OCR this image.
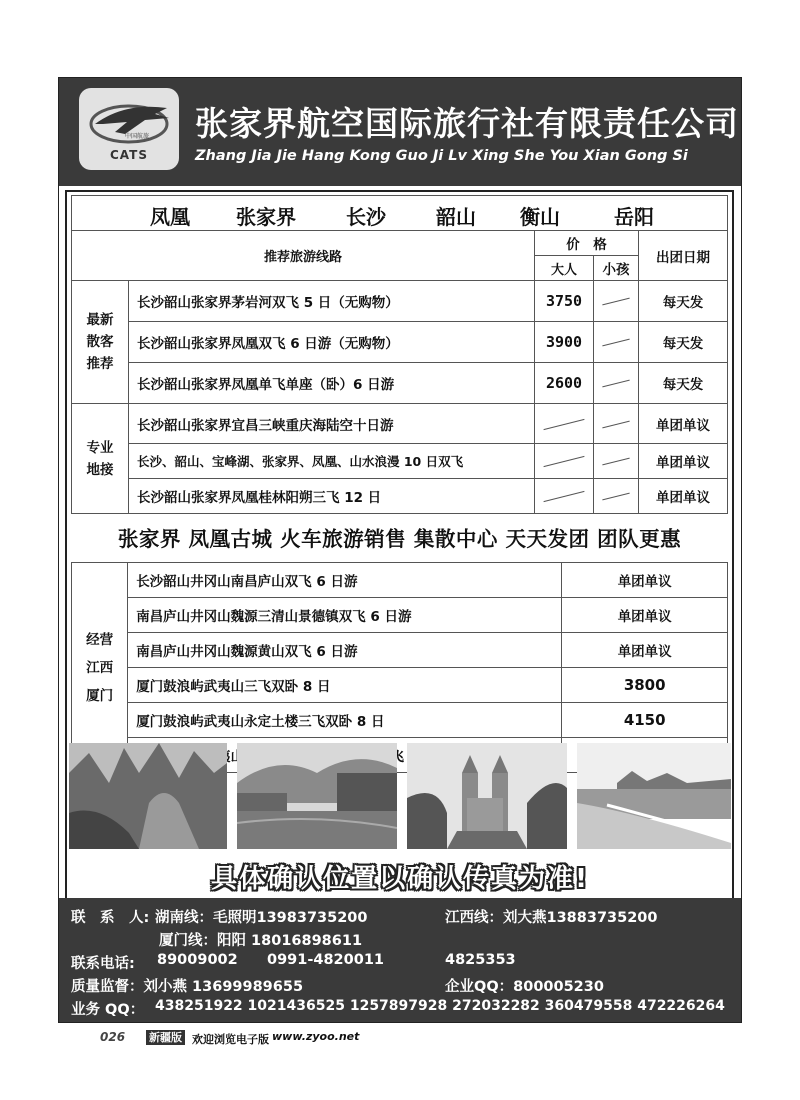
中国航旅
CATS
张家界航空国际旅行社有限责任公司
Zhang Jia Jie Hang Kong Guo Ji Lv Xing She You Xian Gong Si
凤凰 张家界	长沙	韶山 衡山	岳阳
推荐旅游线路		价　格		出团日期
		大人	小孩	
最新
散客
推荐	长沙韶山张家界茅岩河双飞 5 日（无购物）	3750		每天发
	长沙韶山张家界凤凰双飞 6 日游（无购物）	3900		每天发
	长沙韶山张家界凤凰单飞单座（卧）6 日游	2600		每天发
专业
地接	长沙韶山张家界宜昌三峡重庆海陆空十日游			单团单议
	长沙、韶山、宝峰湖、张家界、凤凰、山水浪漫 10 日双飞			单团单议
	长沙韶山张家界凤凰桂林阳朔三飞 12 日			单团单议
张家界 凤凰古城 火车旅游销售 集散中心 天天发团 团队更惠
经营
江西
厦门	长沙韶山井冈山南昌庐山双飞 6 日游	单团单议
	南昌庐山井冈山魏源三清山景德镇双飞 6 日游	单团单议
	南昌庐山井冈山魏源黄山双飞 6 日游	单团单议
	厦门鼓浪屿武夷山三飞双卧 8 日	3800
	厦门鼓浪屿武夷山永定土楼三飞双卧 8 日	4150

具体确认位置以确认传真为准!
联　系　人: 湖南线：毛照明13983735200	江西线：刘大燕13883735200
厦门线：阳阳 18016898611
联系电话: 89009002 0991-4820011	4825353
质量监督：刘小燕 13699989655	企业QQ：800005230
业务 QQ： 438251922 1021436525 1257897928 272032282 360479558 472226264
026 新疆版 欢迎浏览电子版 www.zyoo.net
